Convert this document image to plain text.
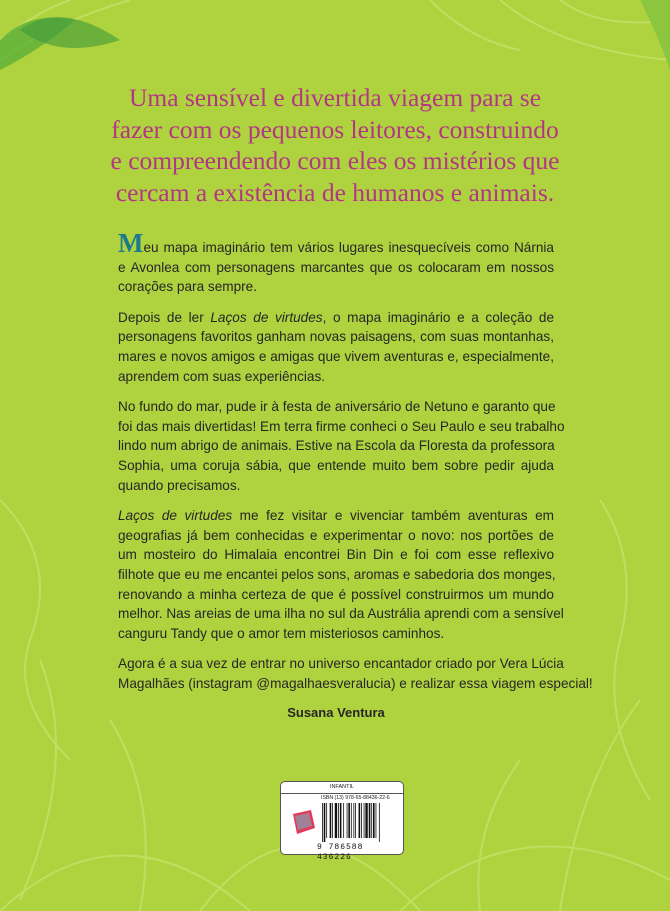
Uma sensível e divertida viagem para se
fazer com os pequenos leitores, construindo
e compreendendo com eles os mistérios que
cercam a existência de humanos e animais.
Meu mapa imaginário tem vários lugares inesquecíveis como Nárnia
e Avonlea com personagens marcantes que os colocaram em nossos
corações para sempre.
Depois de ler Laços de virtudes, o mapa imaginário e a coleção de
personagens favoritos ganham novas paisagens, com suas montanhas,
mares e novos amigos e amigas que vivem aventuras e, especialmente,
aprendem com suas experiências.
No fundo do mar, pude ir à festa de aniversário de Netuno e garanto que
foi das mais divertidas! Em terra firme conheci o Seu Paulo e seu trabalho
lindo num abrigo de animais. Estive na Escola da Floresta da professora
Sophia, uma coruja sábia, que entende muito bem sobre pedir ajuda
quando precisamos.
Laços de virtudes me fez visitar e vivenciar também aventuras em
geografias já bem conhecidas e experimentar o novo: nos portões de
um mosteiro do Himalaia encontrei Bin Din e foi com esse reflexivo
filhote que eu me encantei pelos sons, aromas e sabedoria dos monges,
renovando a minha certeza de que é possível construirmos um mundo
melhor. Nas areias de uma ilha no sul da Austrália aprendi com a sensível
canguru Tandy que o amor tem misteriosos caminhos.
Agora é a sua vez de entrar no universo encantador criado por Vera Lúcia
Magalhães (instagram @magalhaesveralucia) e realizar essa viagem especial!
Susana Ventura
INFANTIL
ISBN (13) 978-65-88436-22-6
9 786588 436226
